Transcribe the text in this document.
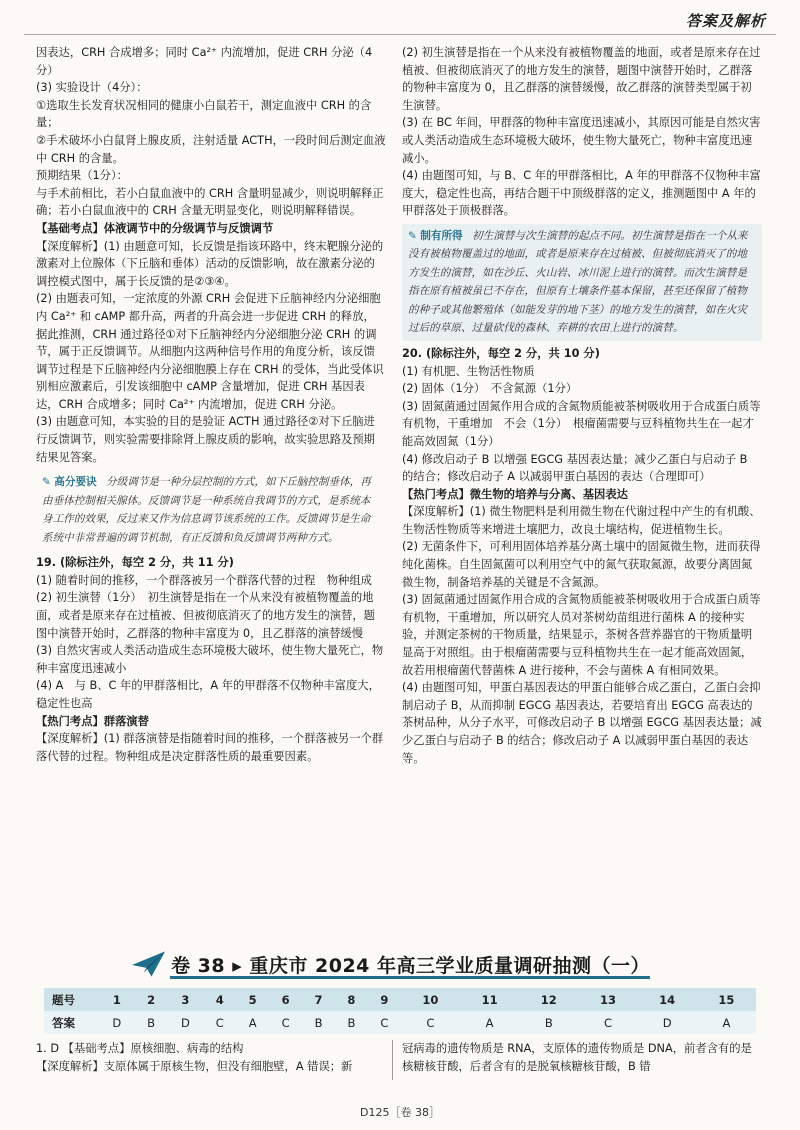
答案及解析

因表达，CRH 合成增多；同时 Ca²⁺ 内流增加，促进 CRH 分泌（4分）

(3) 实验设计（4分）：

①选取生长发育状况相同的健康小白鼠若干，测定血液中 CRH 的含量；

②手术破坏小白鼠肾上腺皮质，注射适量 ACTH，一段时间后测定血液中 CRH 的含量。

预期结果（1分）：

与手术前相比，若小白鼠血液中的 CRH 含量明显减少，则说明解释正确；若小白鼠血液中的 CRH 含量无明显变化，则说明解释错误。

【基础考点】体液调节中的分级调节与反馈调节

【深度解析】(1) 由题意可知，长反馈是指该环路中，终末靶腺分泌的激素对上位腺体（下丘脑和垂体）活动的反馈影响，故在激素分泌的调控模式图中，属于长反馈的是②③④。

(2) 由题表可知，一定浓度的外源 CRH 会促进下丘脑神经内分泌细胞内 Ca²⁺ 和 cAMP 都升高，两者的升高会进一步促进 CRH 的释放，据此推测，CRH 通过路径①对下丘脑神经内分泌细胞分泌 CRH 的调节，属于正反馈调节。从细胞内这两种信号作用的角度分析，该反馈调节过程是下丘脑神经内分泌细胞膜上存在 CRH 的受体，当此受体识别相应激素后，引发该细胞中 cAMP 含量增加，促进 CRH 基因表达，CRH 合成增多；同时 Ca²⁺ 内流增加，促进 CRH 分泌。

(3) 由题意可知，本实验的目的是验证 ACTH 通过路径②对下丘脑进行反馈调节，则实验需要排除肾上腺皮质的影响，故实验思路及预期结果见答案。

✎ 高分要诀 分级调节是一种分层控制的方式，如下丘脑控制垂体，再由垂体控制相关腺体。反馈调节是一种系统自我调节的方式，是系统本身工作的效果，反过来又作为信息调节该系统的工作。反馈调节是生命系统中非常普遍的调节机制，有正反馈和负反馈调节两种方式。

19. (除标注外，每空 2 分，共 11 分)

(1) 随着时间的推移，一个群落被另一个群落代替的过程　物种组成

(2) 初生演替（1分）　初生演替是指在一个从来没有被植物覆盖的地面，或者是原来存在过植被、但被彻底消灭了的地方发生的演替，题图中演替开始时，乙群落的物种丰富度为 0，且乙群落的演替缓慢

(3) 自然灾害或人类活动造成生态环境极大破坏，使生物大量死亡，物种丰富度迅速减小

(4) A　与 B、C 年的甲群落相比，A 年的甲群落不仅物种丰富度大，稳定性也高

【热门考点】群落演替

【深度解析】(1) 群落演替是指随着时间的推移，一个群落被另一个群落代替的过程。物种组成是决定群落性质的最重要因素。

(2) 初生演替是指在一个从来没有被植物覆盖的地面，或者是原来存在过植被、但被彻底消灭了的地方发生的演替，题图中演替开始时，乙群落的物种丰富度为 0，且乙群落的演替缓慢，故乙群落的演替类型属于初生演替。

(3) 在 BC 年间，甲群落的物种丰富度迅速减小，其原因可能是自然灾害或人类活动造成生态环境极大破坏，使生物大量死亡，物种丰富度迅速减小。

(4) 由题图可知，与 B、C 年的甲群落相比，A 年的甲群落不仅物种丰富度大，稳定性也高，再结合题干中顶级群落的定义，推测题图中 A 年的甲群落处于顶极群落。

✎ 制有所得 初生演替与次生演替的起点不同。初生演替是指在一个从来没有被植物覆盖过的地面，或者是原来存在过植被、但被彻底消灭了的地方发生的演替，如在沙丘、火山岩、冰川泥上进行的演替。而次生演替是指在原有植被虽已不存在，但原有土壤条件基本保留，甚至还保留了植物的种子或其他繁殖体（如能发芽的地下茎）的地方发生的演替，如在火灾过后的草原、过量砍伐的森林、弃耕的农田上进行的演替。

20. (除标注外，每空 2 分，共 10 分)

(1) 有机肥、生物活性物质

(2) 固体（1分）　不含氮源（1分）

(3) 固氮菌通过固氮作用合成的含氮物质能被茶树吸收用于合成蛋白质等有机物，干重增加　不会（1分）　根瘤菌需要与豆科植物共生在一起才能高效固氮（1分）

(4) 修改启动子 B 以增强 EGCG 基因表达量；减少乙蛋白与启动子 B 的结合；修改启动子 A 以减弱甲蛋白基因的表达（合理即可）

【热门考点】微生物的培养与分离、基因表达

【深度解析】(1) 微生物肥料是利用微生物在代谢过程中产生的有机酸、生物活性物质等来增进土壤肥力，改良土壤结构，促进植物生长。

(2) 无菌条件下，可利用固体培养基分离土壤中的固氮微生物，进而获得纯化菌株。自生固氮菌可以利用空气中的氮气获取氮源，故要分离固氮微生物，制备培养基的关键是不含氮源。

(3) 固氮菌通过固氮作用合成的含氮物质能被茶树吸收用于合成蛋白质等有机物，干重增加，所以研究人员对茶树幼苗组进行菌株 A 的接种实验，并测定茶树的干物质量，结果显示，茶树各营养器官的干物质量明显高于对照组。由于根瘤菌需要与豆科植物共生在一起才能高效固氮，故若用根瘤菌代替菌株 A 进行接种，不会与菌株 A 有相同效果。

(4) 由题图可知，甲蛋白基因表达的甲蛋白能够合成乙蛋白，乙蛋白会抑制启动子 B，从而抑制 EGCG 基因表达，若要培育出 EGCG 高表达的茶树品种，从分子水平，可修改启动子 B 以增强 EGCG 基因表达量；减少乙蛋白与启动子 B 的结合；修改启动子 A 以减弱甲蛋白基因的表达等。

卷 38 ▸ 重庆市 2024 年高三学业质量调研抽测（一）
题号	1	2	3	4	5	6	7	8	9	10	11	12	13	14	15
答案	D	B	D	C	A	C	B	B	C	C	A	B	C	D	A
1. D 【基础考点】原核细胞、病毒的结构
【深度解析】支原体属于原核生物，但没有细胞壁，A 错误；新
冠病毒的遗传物质是 RNA，支原体的遗传物质是 DNA，前者含有的是核糖核苷酸，后者含有的是脱氧核糖核苷酸，B 错
D125［卷 38］
